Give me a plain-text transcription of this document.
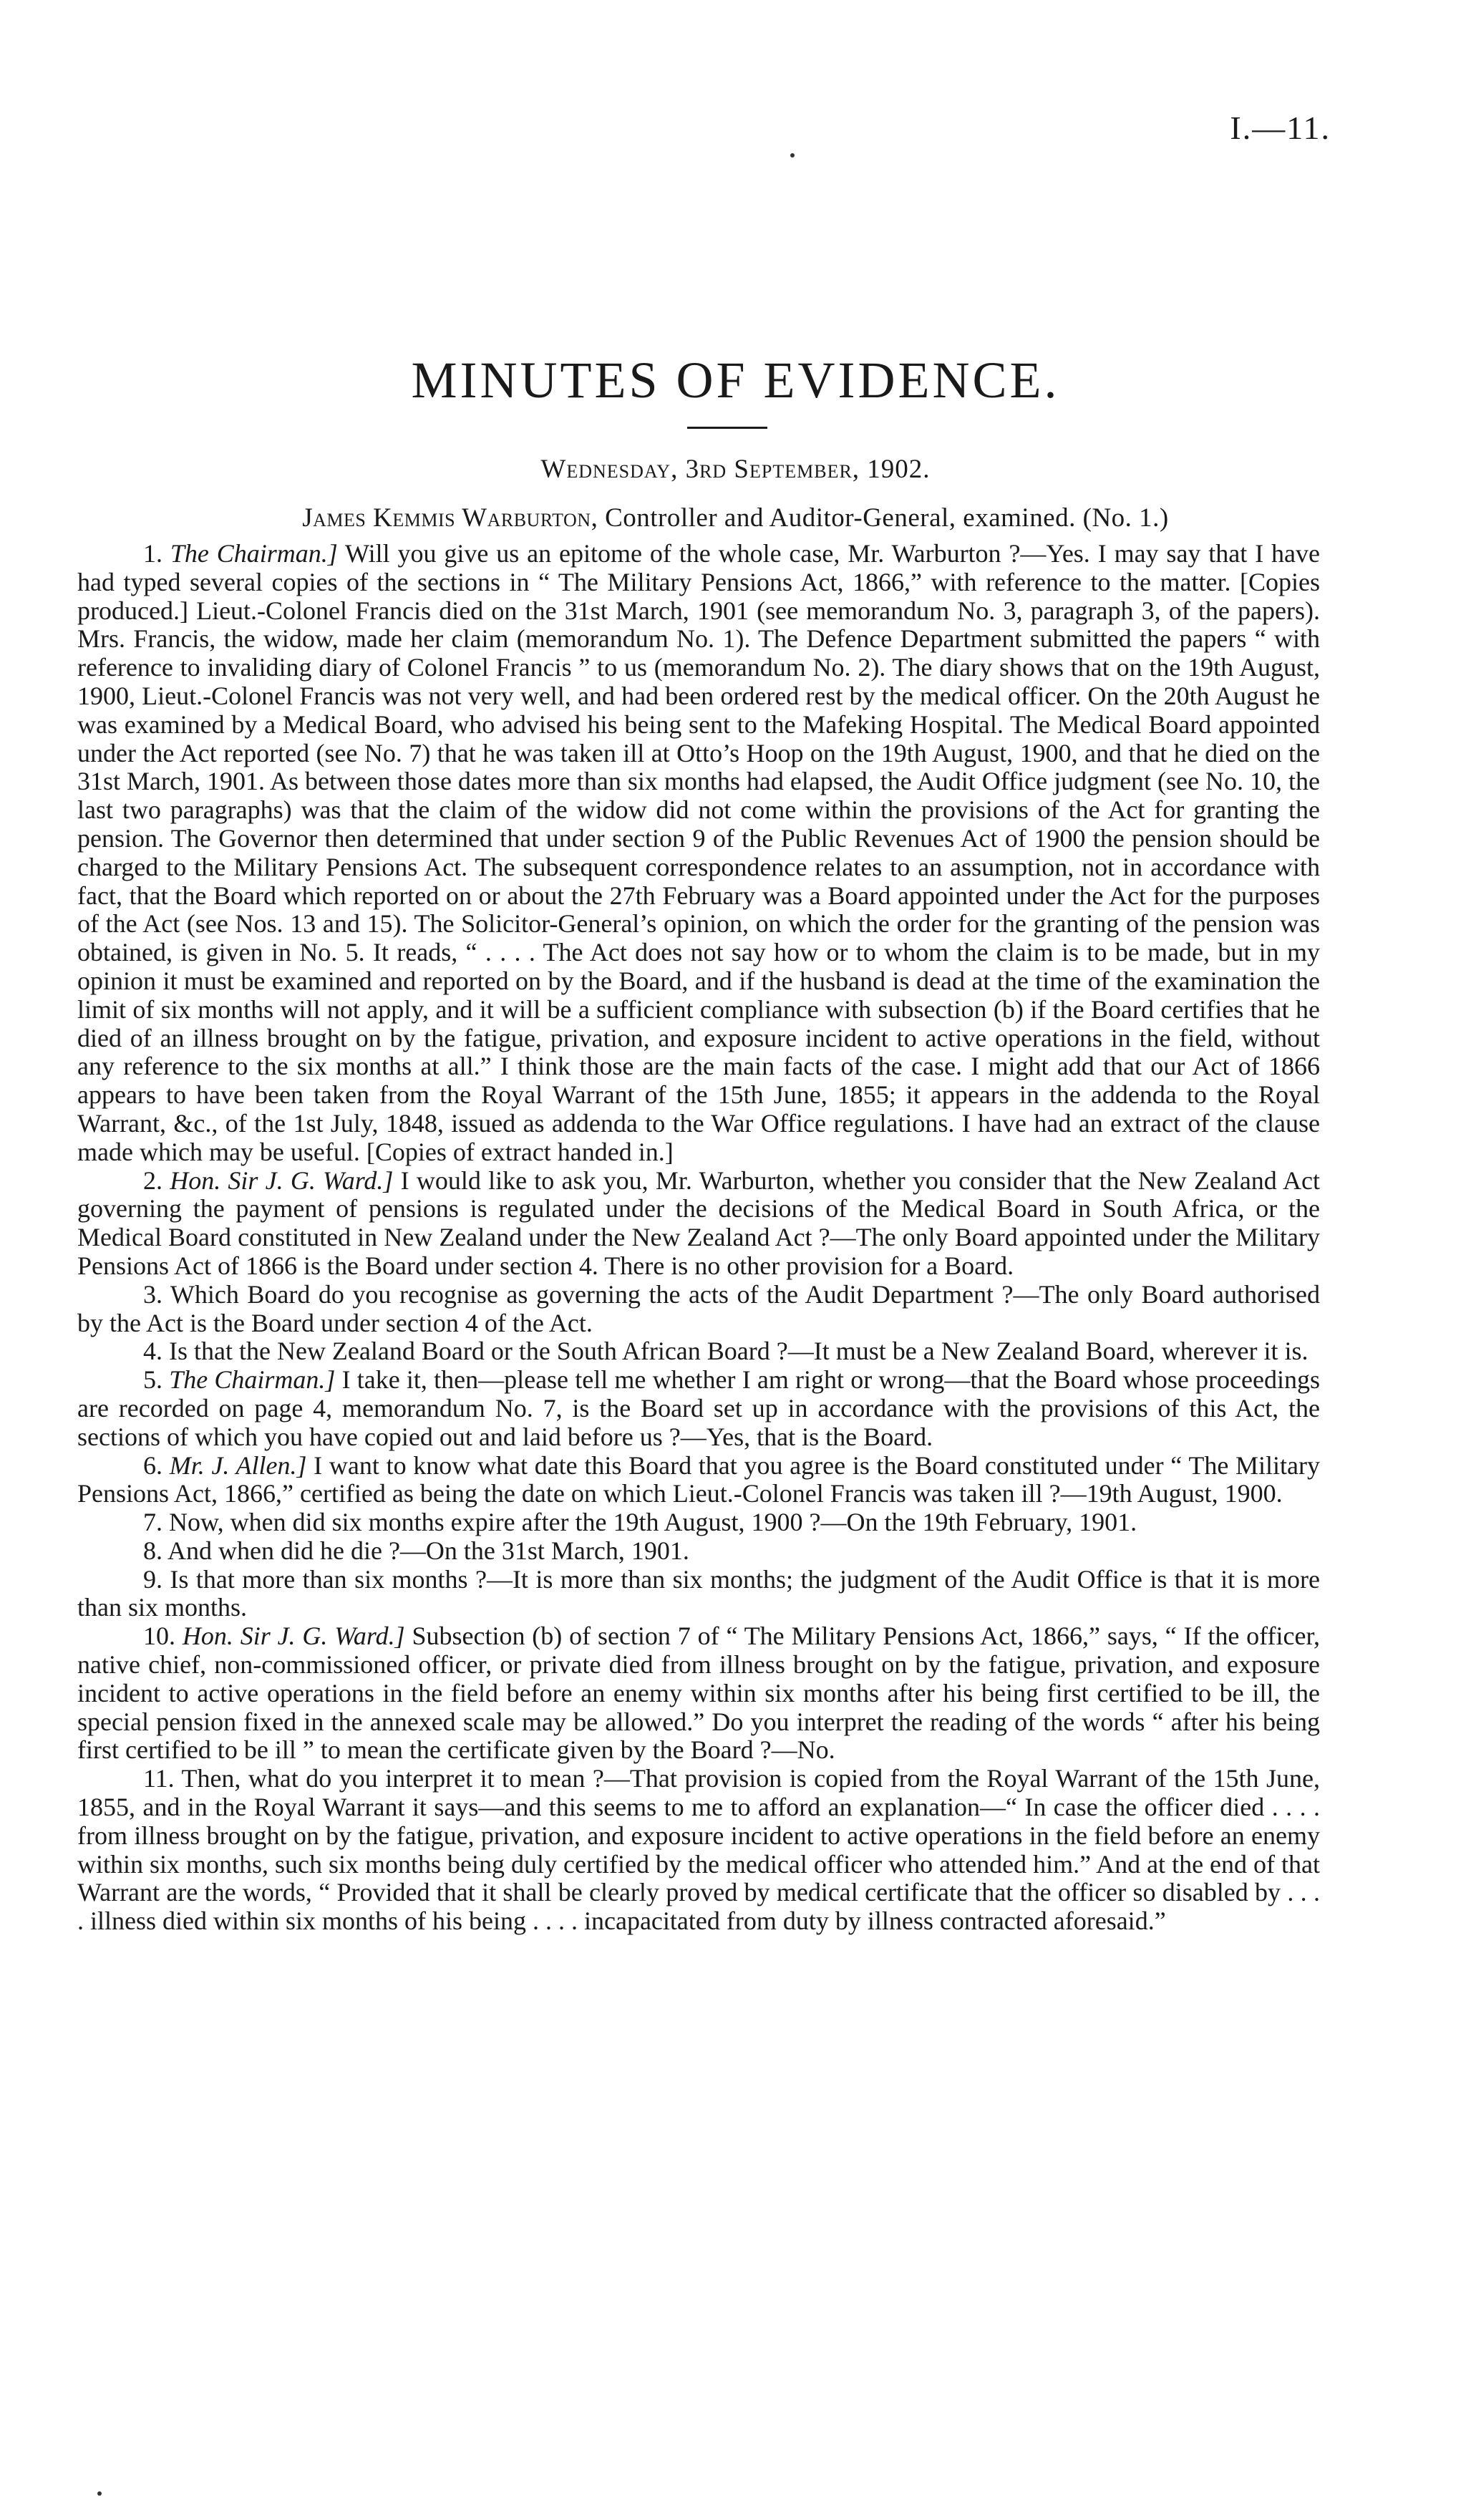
I.—11.
MINUTES OF EVIDENCE.
Wednesday, 3rd September, 1902.
James Kemmis Warburton, Controller and Auditor-General, examined. (No. 1.)

1. The Chairman.] Will you give us an epitome of the whole case, Mr. Warburton ?—Yes. I may say that I have had typed several copies of the sections in “ The Military Pensions Act, 1866,” with reference to the matter. [Copies produced.] Lieut.-Colonel Francis died on the 31st March, 1901 (see memorandum No. 3, paragraph 3, of the papers). Mrs. Francis, the widow, made her claim (memorandum No. 1). The Defence Department submitted the papers “ with reference to invaliding diary of Colonel Francis ” to us (memorandum No. 2). The diary shows that on the 19th August, 1900, Lieut.-Colonel Francis was not very well, and had been ordered rest by the medical officer. On the 20th August he was examined by a Medical Board, who advised his being sent to the Mafeking Hospital. The Medical Board appointed under the Act reported (see No. 7) that he was taken ill at Otto’s Hoop on the 19th August, 1900, and that he died on the 31st March, 1901. As between those dates more than six months had elapsed, the Audit Office judgment (see No. 10, the last two paragraphs) was that the claim of the widow did not come within the provisions of the Act for granting the pension. The Governor then determined that under section 9 of the Public Revenues Act of 1900 the pension should be charged to the Military Pensions Act. The subsequent correspondence relates to an assumption, not in accordance with fact, that the Board which reported on or about the 27th February was a Board appointed under the Act for the purposes of the Act (see Nos. 13 and 15). The Solicitor-General’s opinion, on which the order for the granting of the pension was obtained, is given in No. 5. It reads, “ . . . . The Act does not say how or to whom the claim is to be made, but in my opinion it must be examined and reported on by the Board, and if the husband is dead at the time of the examination the limit of six months will not apply, and it will be a sufficient compliance with subsection (b) if the Board certifies that he died of an illness brought on by the fatigue, privation, and exposure incident to active operations in the field, without any reference to the six months at all.” I think those are the main facts of the case. I might add that our Act of 1866 appears to have been taken from the Royal Warrant of the 15th June, 1855; it appears in the addenda to the Royal Warrant, &c., of the 1st July, 1848, issued as addenda to the War Office regulations. I have had an extract of the clause made which may be useful. [Copies of extract handed in.]

2. Hon. Sir J. G. Ward.] I would like to ask you, Mr. Warburton, whether you consider that the New Zealand Act governing the payment of pensions is regulated under the decisions of the Medical Board in South Africa, or the Medical Board constituted in New Zealand under the New Zealand Act ?—The only Board appointed under the Military Pensions Act of 1866 is the Board under section 4. There is no other provision for a Board.

3. Which Board do you recognise as governing the acts of the Audit Department ?—The only Board authorised by the Act is the Board under section 4 of the Act.

4. Is that the New Zealand Board or the South African Board ?—It must be a New Zealand Board, wherever it is.

5. The Chairman.] I take it, then—please tell me whether I am right or wrong—that the Board whose proceedings are recorded on page 4, memorandum No. 7, is the Board set up in accordance with the provisions of this Act, the sections of which you have copied out and laid before us ?—Yes, that is the Board.

6. Mr. J. Allen.] I want to know what date this Board that you agree is the Board constituted under “ The Military Pensions Act, 1866,” certified as being the date on which Lieut.-Colonel Francis was taken ill ?—19th August, 1900.

7. Now, when did six months expire after the 19th August, 1900 ?—On the 19th February, 1901.

8. And when did he die ?—On the 31st March, 1901.

9. Is that more than six months ?—It is more than six months; the judgment of the Audit Office is that it is more than six months.

10. Hon. Sir J. G. Ward.] Subsection (b) of section 7 of “ The Military Pensions Act, 1866,” says, “ If the officer, native chief, non-commissioned officer, or private died from illness brought on by the fatigue, privation, and exposure incident to active operations in the field before an enemy within six months after his being first certified to be ill, the special pension fixed in the annexed scale may be allowed.” Do you interpret the reading of the words “ after his being first certified to be ill ” to mean the certificate given by the Board ?—No.

11. Then, what do you interpret it to mean ?—That provision is copied from the Royal Warrant of the 15th June, 1855, and in the Royal Warrant it says—and this seems to me to afford an explanation—“ In case the officer died . . . . from illness brought on by the fatigue, privation, and exposure incident to active operations in the field before an enemy within six months, such six months being duly certified by the medical officer who attended him.” And at the end of that Warrant are the words, “ Provided that it shall be clearly proved by medical certificate that the officer so disabled by . . . . illness died within six months of his being . . . . incapacitated from duty by illness contracted aforesaid.”
